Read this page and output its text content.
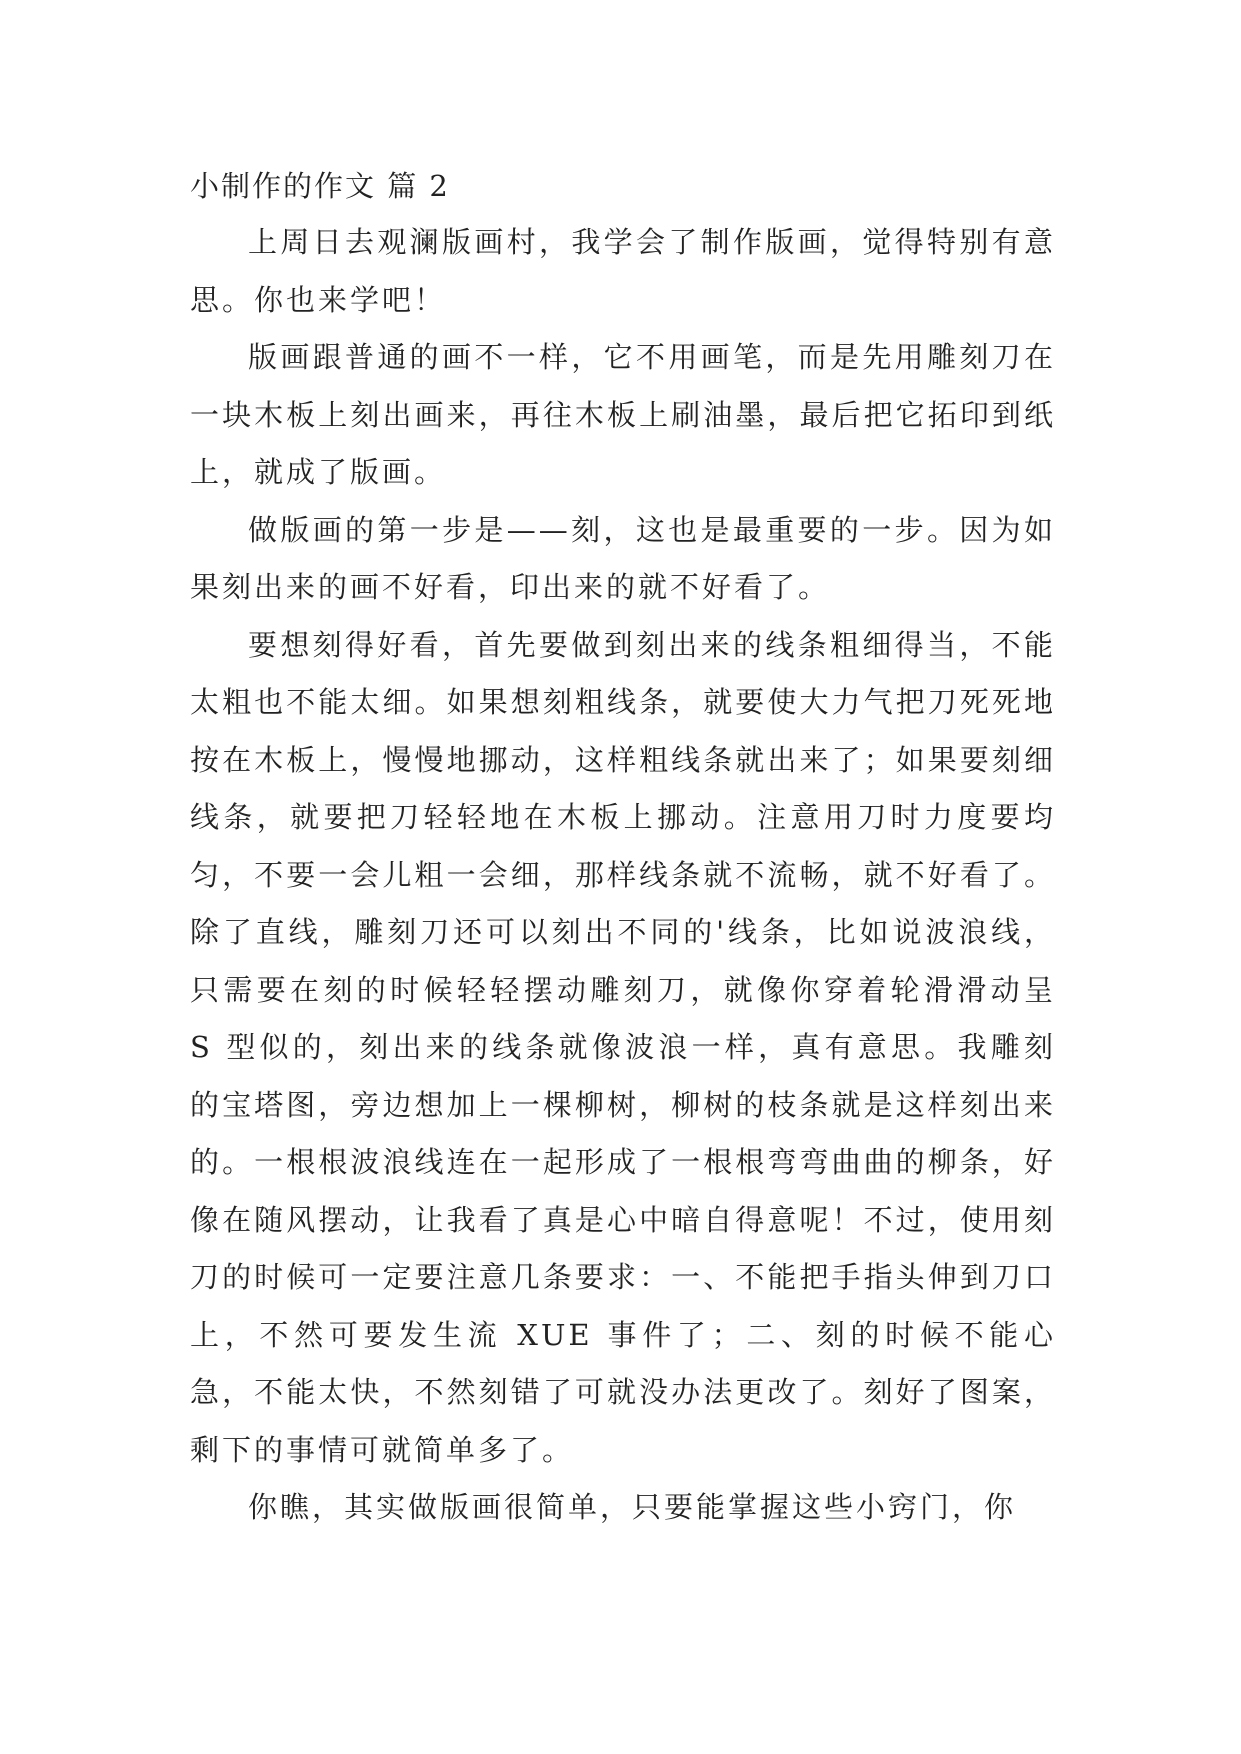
小制作的作文 篇 2

上周日去观澜版画村，我学会了制作版画，觉得特别有意思。你也来学吧！

版画跟普通的画不一样，它不用画笔，而是先用雕刻刀在一块木板上刻出画来，再往木板上刷油墨，最后把它拓印到纸上，就成了版画。

做版画的第一步是——刻，这也是最重要的一步。因为如果刻出来的画不好看，印出来的就不好看了。

要想刻得好看，首先要做到刻出来的线条粗细得当，不能太粗也不能太细。如果想刻粗线条，就要使大力气把刀死死地按在木板上，慢慢地挪动，这样粗线条就出来了；如果要刻细线条，就要把刀轻轻地在木板上挪动。注意用刀时力度要均匀，不要一会儿粗一会细，那样线条就不流畅，就不好看了。除了直线，雕刻刀还可以刻出不同的'线条，比如说波浪线，只需要在刻的时候轻轻摆动雕刻刀，就像你穿着轮滑滑动呈 S 型似的，刻出来的线条就像波浪一样，真有意思。我雕刻的宝塔图，旁边想加上一棵柳树，柳树的枝条就是这样刻出来的。一根根波浪线连在一起形成了一根根弯弯曲曲的柳条，好像在随风摆动，让我看了真是心中暗自得意呢！不过，使用刻刀的时候可一定要注意几条要求：一、不能把手指头伸到刀口上，不然可要发生流 XUE 事件了；二、刻的时候不能心急，不能太快，不然刻错了可就没办法更改了。刻好了图案，剩下的事情可就简单多了。

你瞧，其实做版画很简单，只要能掌握这些小窍门，你
